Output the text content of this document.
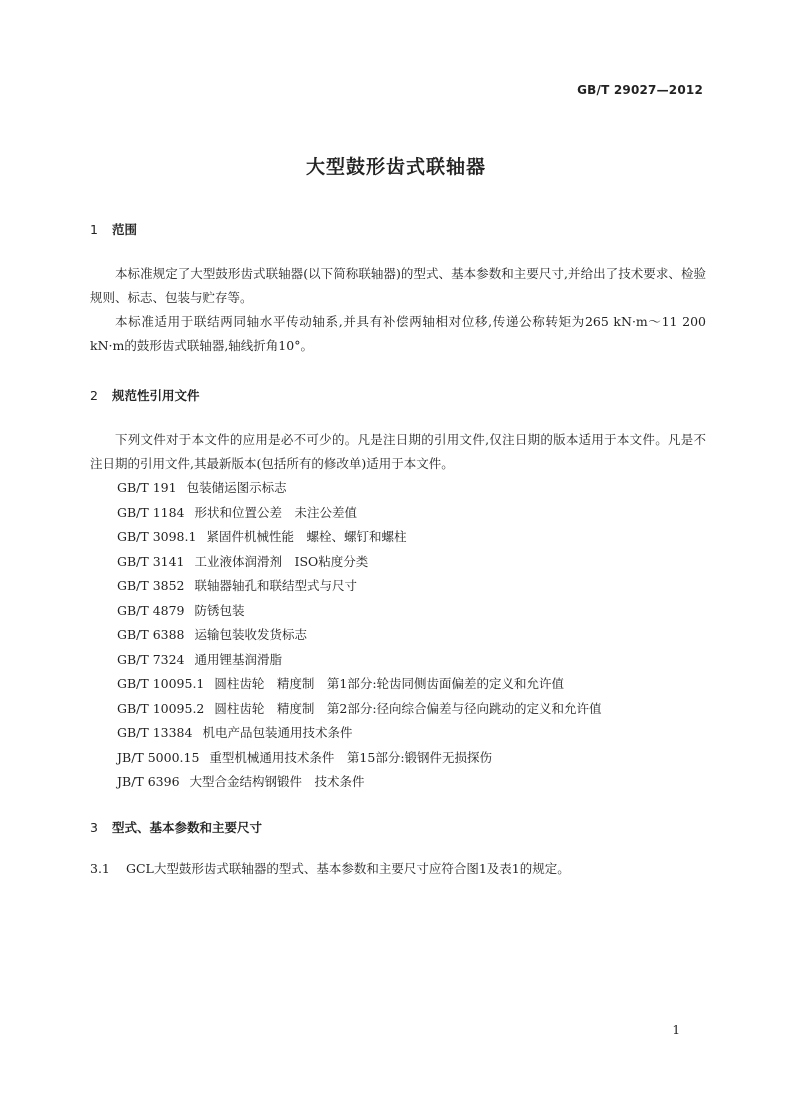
GB/T 29027—2012
大型鼓形齿式联轴器
1 范围

本标准规定了大型鼓形齿式联轴器(以下简称联轴器)的型式、基本参数和主要尺寸,并给出了技术要求、检验规则、标志、包装与贮存等。

本标准适用于联结两同轴水平传动轴系,并具有补偿两轴相对位移,传递公称转矩为265 kN·m～11 200 kN·m的鼓形齿式联轴器,轴线折角10°。

2 规范性引用文件

下列文件对于本文件的应用是必不可少的。凡是注日期的引用文件,仅注日期的版本适用于本文件。凡是不注日期的引用文件,其最新版本(包括所有的修改单)适用于本文件。

GB/T 191 包装储运图示标志
GB/T 1184 形状和位置公差　未注公差值
GB/T 3098.1 紧固件机械性能　螺栓、螺钉和螺柱
GB/T 3141 工业液体润滑剂　ISO粘度分类
GB/T 3852 联轴器轴孔和联结型式与尺寸
GB/T 4879 防锈包装
GB/T 6388 运输包装收发货标志
GB/T 7324 通用锂基润滑脂
GB/T 10095.1 圆柱齿轮　精度制　第1部分:轮齿同侧齿面偏差的定义和允许值
GB/T 10095.2 圆柱齿轮　精度制　第2部分:径向综合偏差与径向跳动的定义和允许值
GB/T 13384 机电产品包装通用技术条件
JB/T 5000.15 重型机械通用技术条件　第15部分:锻钢件无损探伤
JB/T 6396 大型合金结构钢锻件　技术条件
3 型式、基本参数和主要尺寸
3.1 GCL大型鼓形齿式联轴器的型式、基本参数和主要尺寸应符合图1及表1的规定。
1
